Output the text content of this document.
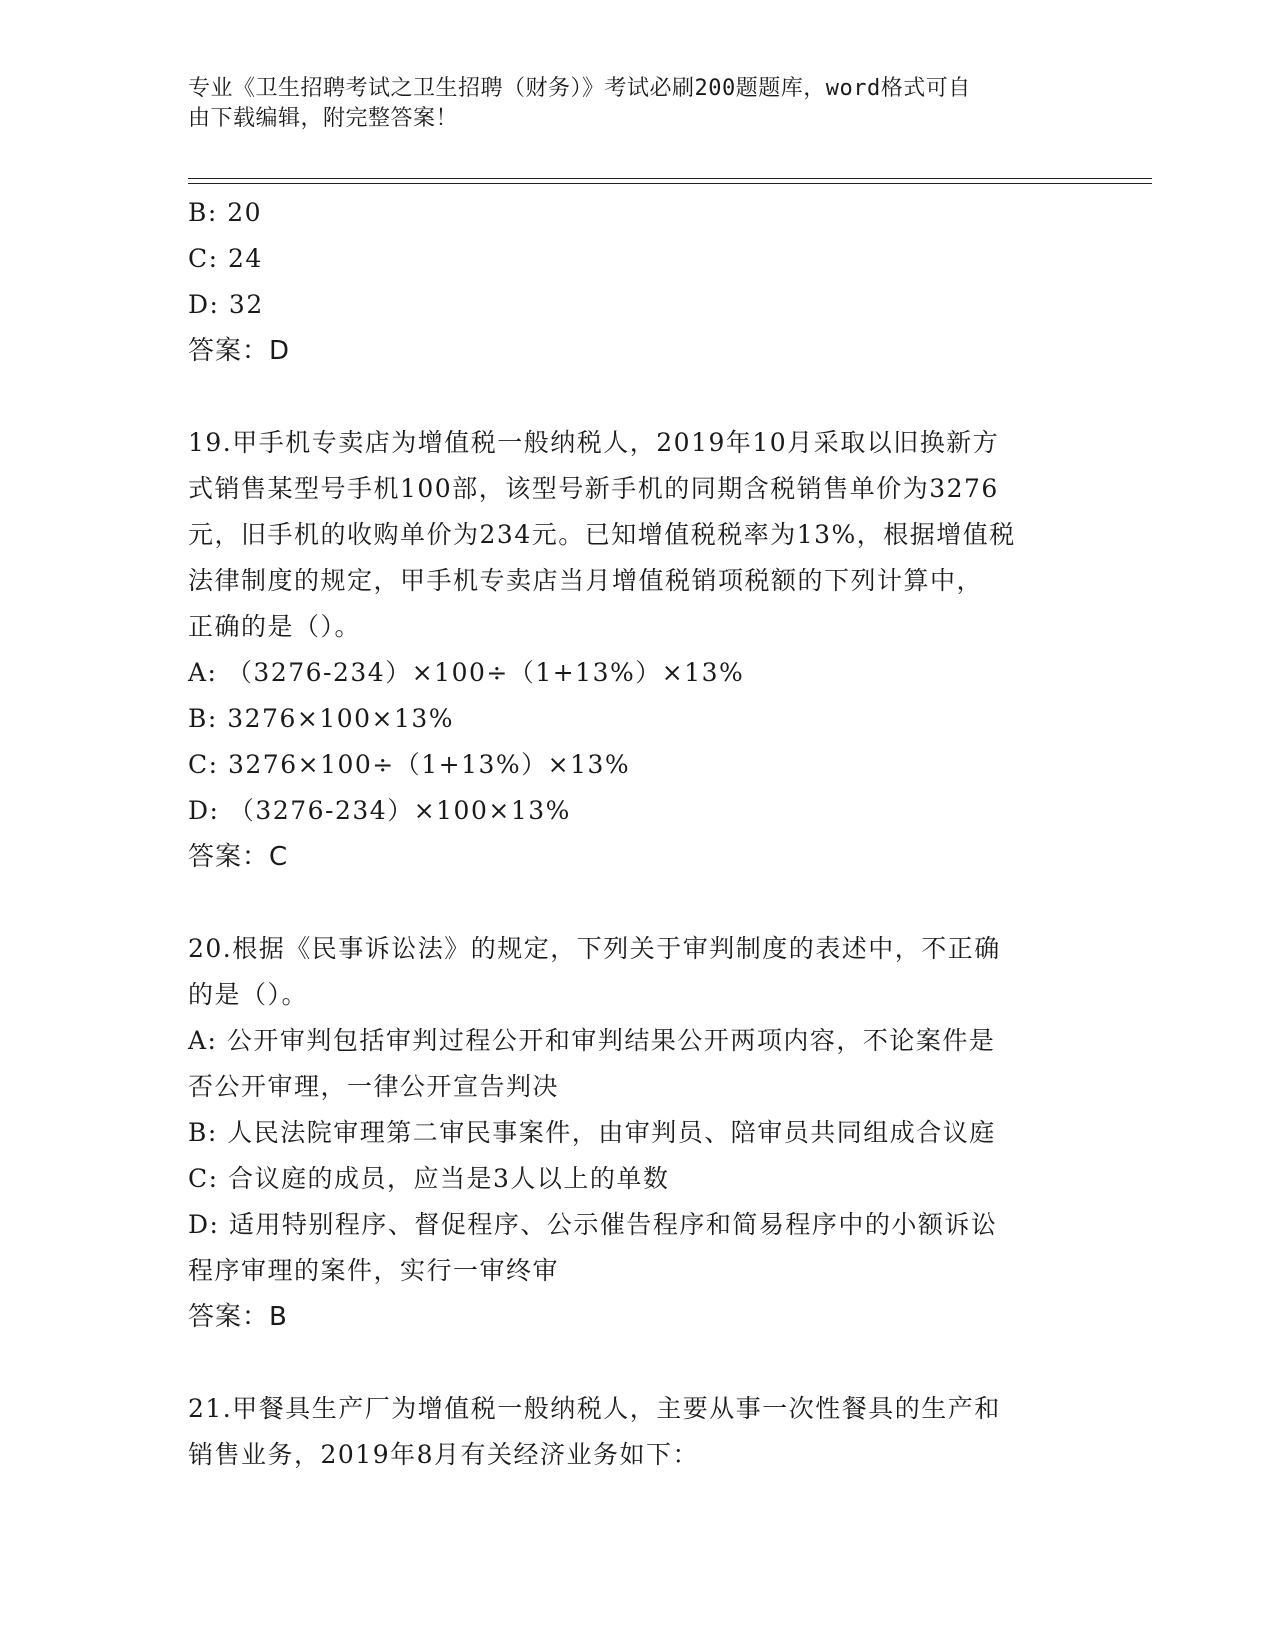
专业《卫生招聘考试之卫生招聘（财务）》考试必刷200题题库，word格式可自
由下载编辑，附完整答案！
B: 20
C: 24
D: 32
答案：D
19.甲手机专卖店为增值税一般纳税人，2019年10月采取以旧换新方
式销售某型号手机100部，该型号新手机的同期含税销售单价为3276
元，旧手机的收购单价为234元。已知增值税税率为13%，根据增值税
法律制度的规定，甲手机专卖店当月增值税销项税额的下列计算中，
正确的是（）。
A: （3276-234）×100÷（1+13%）×13%
B: 3276×100×13%
C: 3276×100÷（1+13%）×13%
D: （3276-234）×100×13%
答案：C
20.根据《民事诉讼法》的规定，下列关于审判制度的表述中，不正确
的是（）。
A: 公开审判包括审判过程公开和审判结果公开两项内容，不论案件是
否公开审理，一律公开宣告判决
B: 人民法院审理第二审民事案件，由审判员、陪审员共同组成合议庭
C: 合议庭的成员，应当是3人以上的单数
D: 适用特别程序、督促程序、公示催告程序和简易程序中的小额诉讼
程序审理的案件，实行一审终审
答案：B
21.甲餐具生产厂为增值税一般纳税人，主要从事一次性餐具的生产和
销售业务，2019年8月有关经济业务如下：
